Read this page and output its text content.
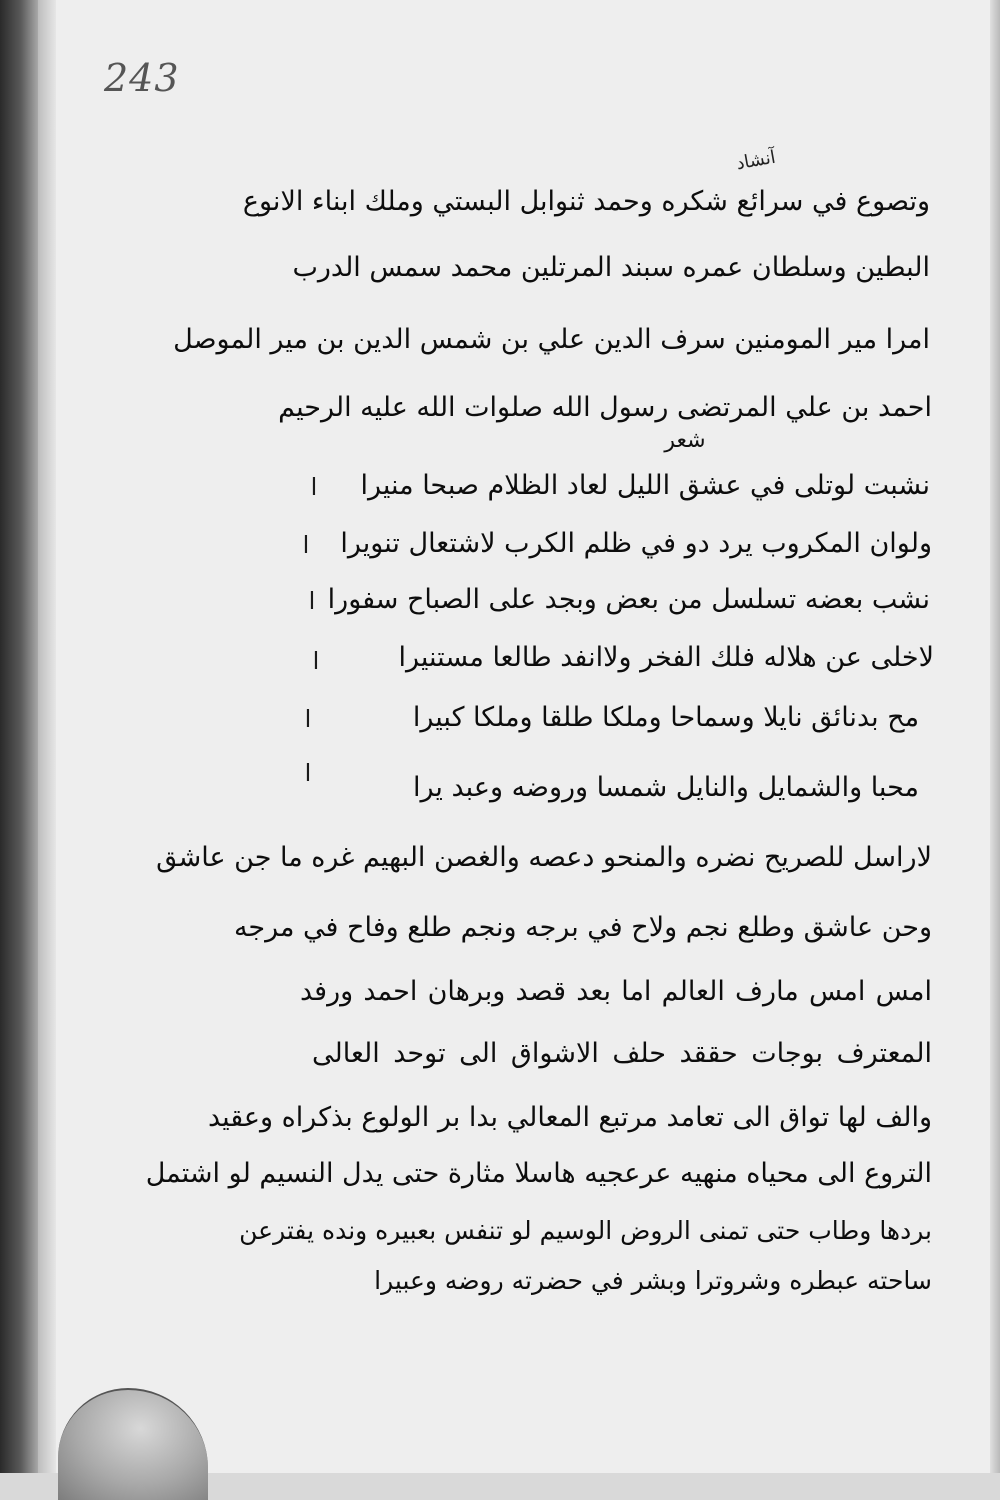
243
آنشاد
وتصوع في سرائع شكره وحمد ثنوابل البستي وملك ابناء الانوع
البطين وسلطان عمره سبند المرتلين محمد سمس الدرب
امرا مير المومنين سرف الدين علي بن شمس الدين بن مير الموصل
احمد بن علي المرتضى رسول الله صلوات الله عليه الرحيم
شعر
نشبت لوتلى في عشق الليل لعاد الظلام صبحا منيرا
ا
ولوان المكروب يرد دو في ظلم الكرب لاشتعال تنويرا
ا
نشب بعضه تسلسل من بعض وبجد على الصباح سفورا
ا
لاخلى عن هلاله فلك الفخر ولاانفد طالعا مستنيرا
ا
مح بدنائق نايلا وسماحا وملكا طلقا وملكا كبيرا
ا
محبا والشمايل والنايل شمسا وروضه وعبد يرا
ا
لاراسل للصريح نضره والمنحو دعصه والغصن البهيم غره ما جن عاشق
وحن عاشق وطلع نجم ولاح في برجه ونجم طلع وفاح في مرجه
امس امس مارف العالم اما بعد قصد وبرهان احمد ورفد
المعترف بوجات حققد حلف الاشواق الى توحد العالى
والف لها تواق الى تعامد مرتبع المعالي بدا بر الولوع بذكراه وعقيد
التروع الى محياه منهيه عرعجيه هاسلا مثارة حتى يدل النسيم لو اشتمل
بردها وطاب حتى تمنى الروض الوسيم لو تنفس بعبيره ونده يفترعن
ساحته عبطره وشروترا وبشر في حضرته روضه وعبيرا
